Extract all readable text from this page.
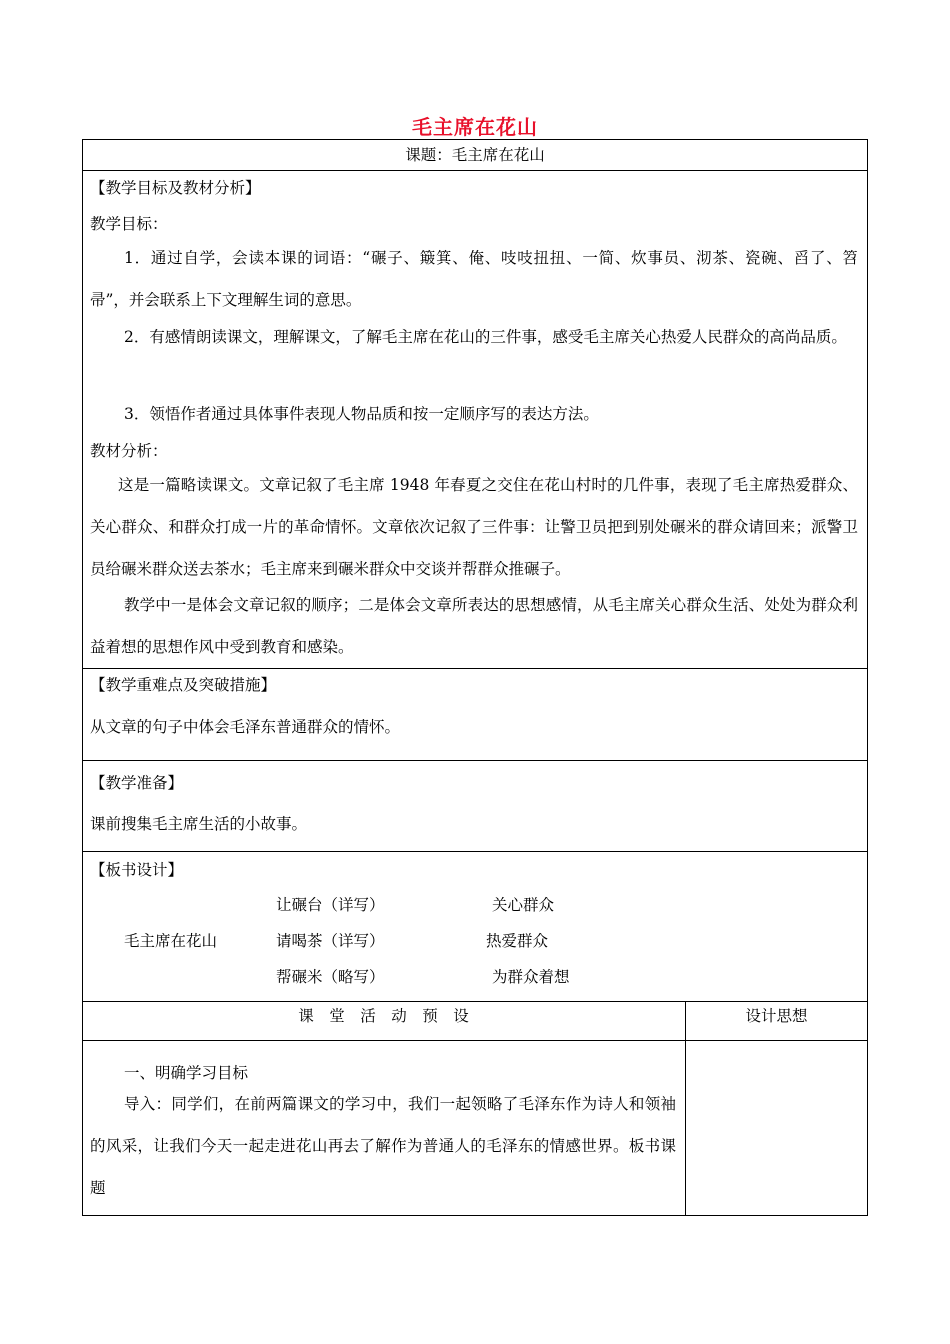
毛主席在花山
课题：毛主席在花山
【教学目标及教材分析】
教学目标：
1．通过自学，会读本课的词语：“碾子、簸箕、俺、吱吱扭扭、一简、炊事员、沏茶、瓷碗、舀了、笤帚”，并会联系上下文理解生词的意思。
2．有感情朗读课文，理解课文，了解毛主席在花山的三件事，感受毛主席关心热爱人民群众的高尚品质。
3．领悟作者通过具体事件表现人物品质和按一定顺序写的表达方法。
教材分析：
这是一篇略读课文。文章记叙了毛主席 1948 年春夏之交住在花山村时的几件事，表现了毛主席热爱群众、关心群众、和群众打成一片的革命情怀。文章依次记叙了三件事：让警卫员把到别处碾米的群众请回来；派警卫员给碾米群众送去茶水；毛主席来到碾米群众中交谈并帮群众推碾子。
教学中一是体会文章记叙的顺序；二是体会文章所表达的思想感情，从毛主席关心群众生活、处处为群众利益着想的思想作风中受到教育和感染。
【教学重难点及突破措施】
从文章的句子中体会毛泽东普通群众的情怀。
【教学准备】
课前搜集毛主席生活的小故事。
【板书设计】
毛主席在花山
让碾台（详写）	关心群众
请喝茶（详写）	热爱群众
帮碾米（略写）	为群众着想
课　堂　活　动　预　设	设计思想
一、明确学习目标
导入：同学们，在前两篇课文的学习中，我们一起领略了毛泽东作为诗人和领袖的风采，让我们今天一起走进花山再去了解作为普通人的毛泽东的情感世界。板书课题
